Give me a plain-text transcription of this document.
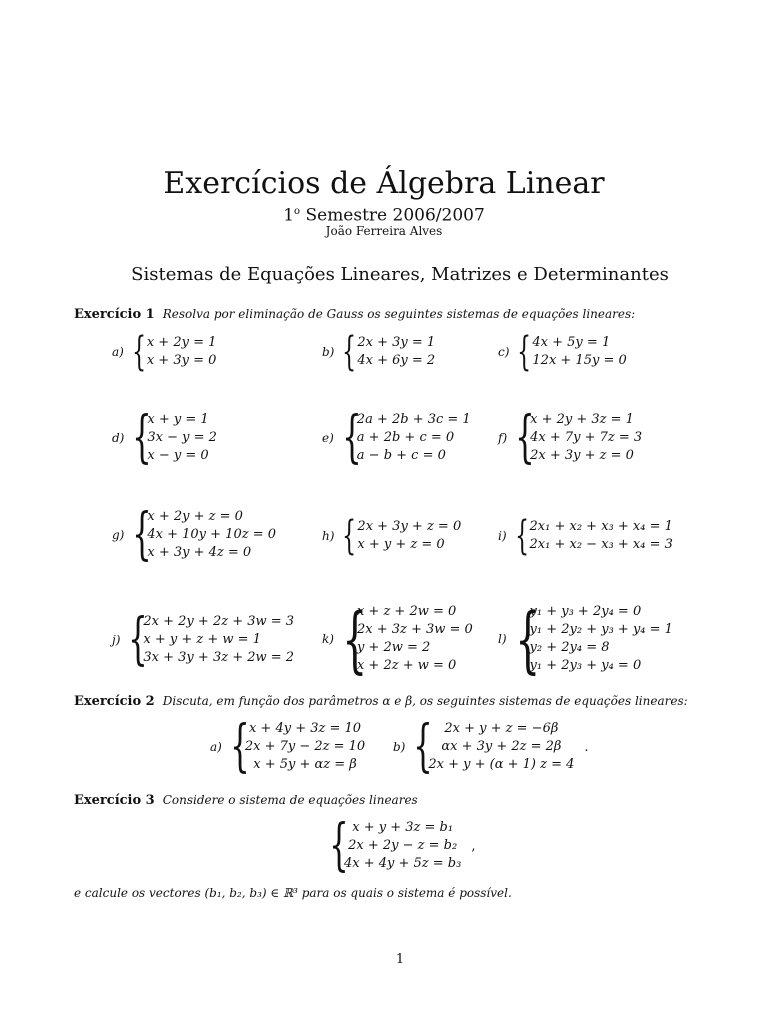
Exercícios de Álgebra Linear
1$^o$ Semestre 2006/2007
João Ferreira Alves
Sistemas de Equações Lineares, Matrizes e Determinantes
Exercício 1 Resolva por eliminação de Gauss os seguintes sistemas de equações lineares:
a) { x + 2y = 1
x + 3y = 0
b) { 2x + 3y = 1
4x + 6y = 2
c) { 4x + 5y = 1
12x + 15y = 0
d) {
x + y = 1
3x − y = 2
x − y = 0
e) {
2a + 2b + 3c = 1
a + 2b + c = 0
a − b + c = 0
f) {
x + 2y + 3z = 1
4x + 7y + 7z = 3
2x + 3y + z = 0
g) {
x + 2y + z = 0
4x + 10y + 10z = 0
x + 3y + 4z = 0
h) { 2x + 3y + z = 0
x + y + z = 0
i) { 2x₁ + x₂ + x₃ + x₄ = 1
2x₁ + x₂ − x₃ + x₄ = 3
j) {
2x + 2y + 2z + 3w = 3
x + y + z + w = 1
3x + 3y + 3z + 2w = 2
k) {
x + z + 2w = 0
2x + 3z + 3w = 0
y + 2w = 2
x + 2z + w = 0
l) {
y₁ + y₃ + 2y₄ = 0
y₁ + 2y₂ + y₃ + y₄ = 1
y₂ + 2y₄ = 8
y₁ + 2y₃ + y₄ = 0
Exercício 2 Discuta, em função dos parâmetros α e β, os seguintes sistemas de equações lineares:
a) { x + 4y + 3z = 10
2x + 7y − 2z = 10
x + 5y + αz = β
b) { 2x + y + z = −6β
αx + 3y + 2z = 2β
2x + y + (α + 1) z = 4
.
Exercício 3 Considere o sistema de equações lineares
{ x + y + 3z = b₁
2x + 2y − z = b₂
4x + 4y + 5z = b₃
,
e calcule os vectores (b₁, b₂, b₃) ∈ ℝ³ para os quais o sistema é possível.
1
